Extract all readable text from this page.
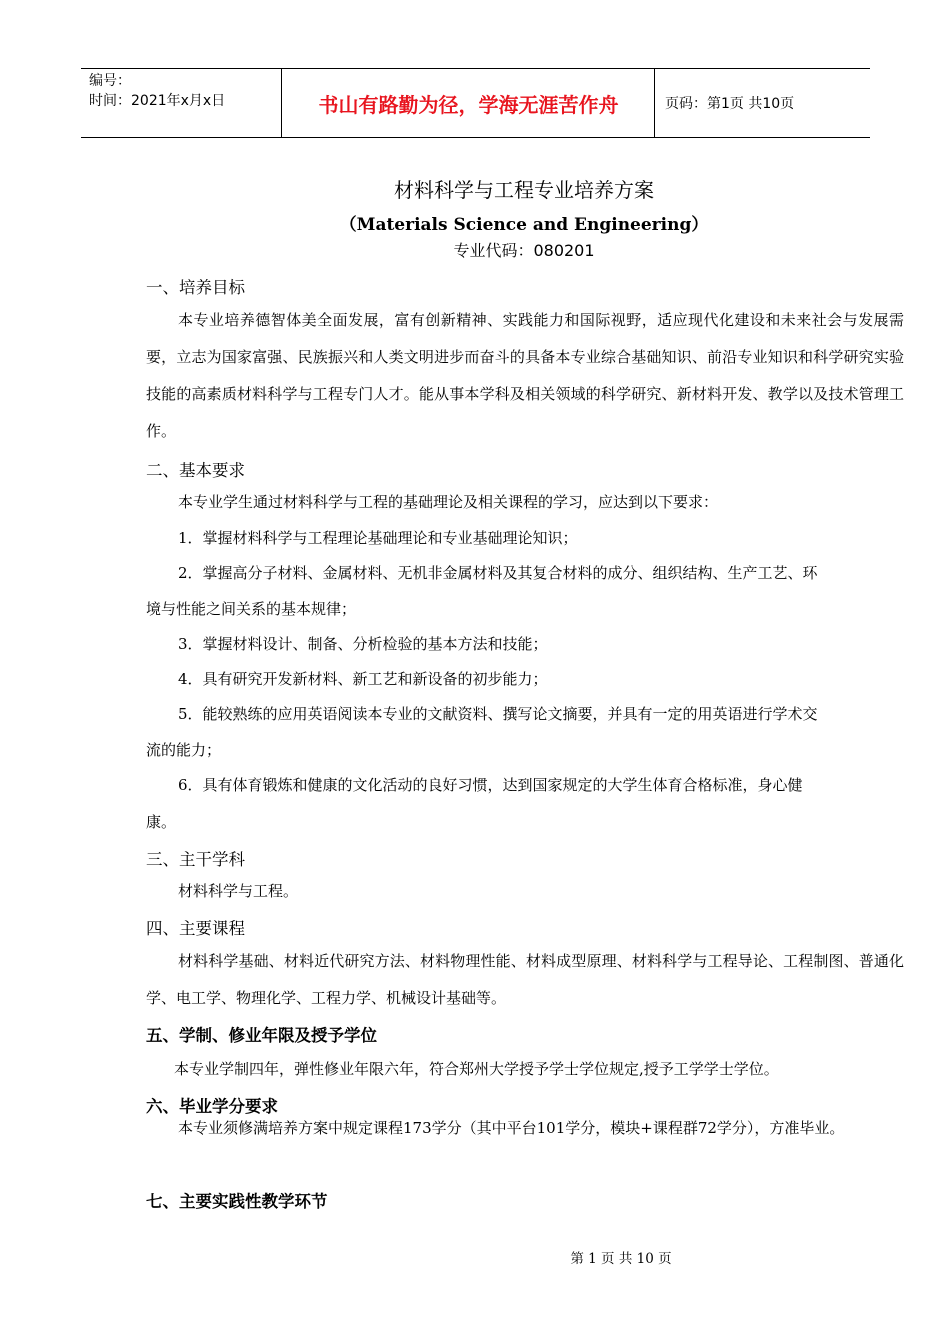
编号：
时间：2021年x月x日	书山有路勤为径，学海无涯苦作舟	页码：第1页 共10页
材料科学与工程专业培养方案
（Materials Science and Engineering）
专业代码：080201
一、培养目标
本专业培养德智体美全面发展，富有创新精神、实践能力和国际视野，适应现代化建设和未来社会与发展需要，立志为国家富强、民族振兴和人类文明进步而奋斗的具备本专业综合基础知识、前沿专业知识和科学研究实验技能的高素质材料科学与工程专门人才。能从事本学科及相关领域的科学研究、新材料开发、教学以及技术管理工作。
二、基本要求
本专业学生通过材料科学与工程的基础理论及相关课程的学习，应达到以下要求：
1．掌握材料科学与工程理论基础理论和专业基础理论知识；
2．掌握高分子材料、金属材料、无机非金属材料及其复合材料的成分、组织结构、生产工艺、环
境与性能之间关系的基本规律；
3．掌握材料设计、制备、分析检验的基本方法和技能；
4．具有研究开发新材料、新工艺和新设备的初步能力；
5．能较熟练的应用英语阅读本专业的文献资料、撰写论文摘要，并具有一定的用英语进行学术交
流的能力；
6．具有体育锻炼和健康的文化活动的良好习惯，达到国家规定的大学生体育合格标准，身心健
康。
三、主干学科
材料科学与工程。
四、主要课程
材料科学基础、材料近代研究方法、材料物理性能、材料成型原理、材料科学与工程导论、工程制图、普通化学、电工学、物理化学、工程力学、机械设计基础等。
五、学制、修业年限及授予学位
本专业学制四年，弹性修业年限六年，符合郑州大学授予学士学位规定,授予工学学士学位。
六、毕业学分要求
本专业须修满培养方案中规定课程173学分（其中平台101学分，模块+课程群72学分），方准毕业。
七、主要实践性教学环节
第 1 页 共 10 页
